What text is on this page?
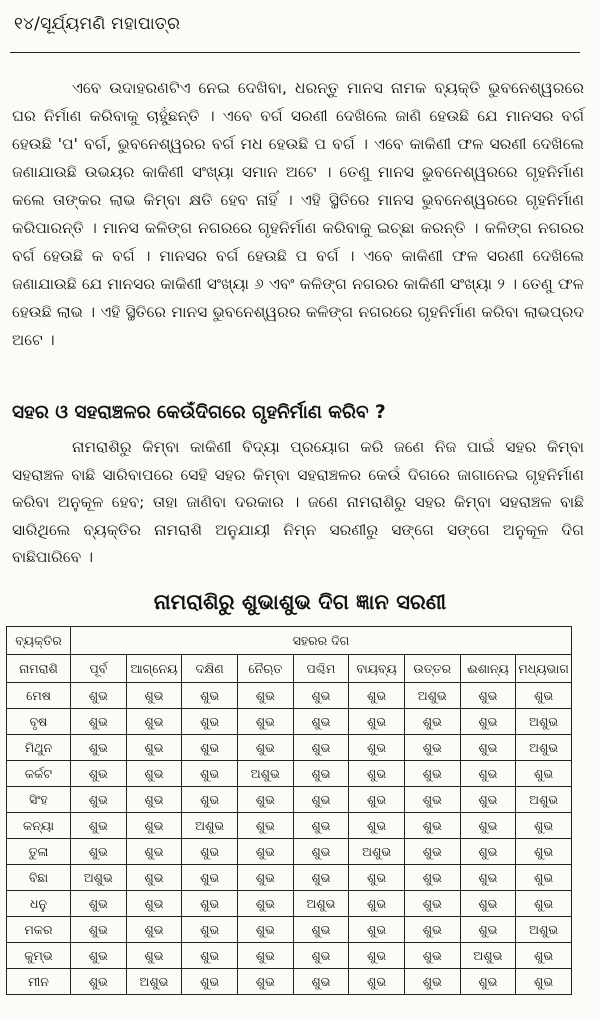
୧୪/ସୂର୍ଯ୍ୟମଣି ମହାପାତ୍ର

ଏବେ ଉଦାହରଣଟିଏ ନେଇ ଦେଖିବା, ଧରନ୍ତୁ ମାନସ ନାମକ ବ୍ୟକ୍ତି ଭୁବନେଶ୍ୱରରେ ଘର ନିର୍ମାଣ କରିବାକୁ ଚାହୁଁଛନ୍ତି । ଏବେ ବର୍ଗ ସରଣୀ ଦେଖିଲେ ଜାଣି ହେଉଛି ଯେ ମାନସର ବର୍ଗ ହେଉଛି 'ପ' ବର୍ଗ, ଭୁବନେଶ୍ୱରର ବର୍ଗ ମଧ ହେଉଛି ପ ବର୍ଗ । ଏବେ କାକିଣୀ ଫଳ ସରଣୀ ଦେଖିଲେ ଜଣାଯାଉଛି ଉଭୟର କାକିଣୀ ସଂଖ୍ୟା ସମାନ ଅଟେ । ତେଣୁ ମାନସ ଭୁବନେଶ୍ୱରରେ ଗୃହନିର୍ମାଣ କଲେ ତାଙ୍କର ଲାଭ କିମ୍ବା କ୍ଷତି ହେବ ନାହିଁ । ଏହି ସ୍ଥିତିରେ ମାନସ ଭୁବନେଶ୍ୱରରେ ଗୃହନିର୍ମାଣ କରିପାରନ୍ତି । ମାନସ କଳିଙ୍ଗ ନଗରରେ ଗୃହନିର୍ମାଣ କରିବାକୁ ଇଚ୍ଛା କରନ୍ତି । କଳିଙ୍ଗ ନଗରର ବର୍ଗ ହେଉଛି କ ବର୍ଗ । ମାନସର ବର୍ଗ ହେଉଛି ପ ବର୍ଗ । ଏବେ କାକିଣୀ ଫଳ ସରଣୀ ଦେଖିଲେ ଜଣାଯାଉଛି ଯେ ମାନସର କାକିଣୀ ସଂଖ୍ୟା ୬ ଏବଂ କଳିଙ୍ଗ ନଗରର କାକିଣୀ ସଂଖ୍ୟା ୨ । ତେଣୁ ଫଳ ହେଉଛି ଲାଭ । ଏହି ସ୍ଥିତିରେ ମାନସ ଭୁବନେଶ୍ୱରର କଳିଙ୍ଗ ନଗରରେ ଗୃହନିର୍ମାଣ କରିବା ଲାଭପ୍ରଦ ଅଟେ ।

ସହର ଓ ସହରାଞ୍ଚଳର କେଉଁଦିଗରେ ଗୃହନିର୍ମାଣ କରିବ ?

ନାମରାଶିରୁ କିମ୍ବା କାକିଣୀ ବିଦ୍ୟା ପ୍ରୟୋଗ କରି ଜଣେ ନିଜ ପାଇଁ ସହର କିମ୍ବା ସହରାଞ୍ଚଳ ବାଛି ସାରିବାପରେ ସେହି ସହର କିମ୍ବା ସହରାଞ୍ଚଳର କେଉଁ ଦିଗରେ ଜାଗାନେଇ ଗୃହନିର୍ମାଣ କରିବା ଅନୁକୂଳ ହେବ; ତାହା ଜାଣିବା ଦରକାର । ଜଣେ ନାମରାଶିରୁ ସହର କିମ୍ବା ସହରାଞ୍ଚଳ ବାଛି ସାରିଥିଲେ ବ୍ୟକ୍ତିର ନାମରାଶି ଅନୁଯାୟୀ ନିମ୍ନ ସରଣୀରୁ ସଙ୍ଗେ ସଙ୍ଗେ ଅନୁକୂଳ ଦିଗ ବାଛିପାରିବେ ।

ନାମରାଶିରୁ ଶୁଭାଶୁଭ ଦିଗ ଜ୍ଞାନ ସରଣୀ
ବ୍ୟକ୍ତିର	ସହରର ଦିଗ								
ନାମରାଶି	ପୂର୍ବ	ଆଗ୍ନେୟ	ଦକ୍ଷିଣ	ନୈଋତ	ପଶ୍ଚିମ	ବାୟବ୍ୟ	ଉତ୍ତର	ଈଶାନ୍ୟ	ମଧ୍ୟଭାଗ
ମେଷ	ଶୁଭ	ଶୁଭ	ଶୁଭ	ଶୁଭ	ଶୁଭ	ଶୁଭ	ଅଶୁଭ	ଶୁଭ	ଶୁଭ
ବୃଷ	ଶୁଭ	ଶୁଭ	ଶୁଭ	ଶୁଭ	ଶୁଭ	ଶୁଭ	ଶୁଭ	ଶୁଭ	ଅଶୁଭ
ମିଥୁନ	ଶୁଭ	ଶୁଭ	ଶୁଭ	ଶୁଭ	ଶୁଭ	ଶୁଭ	ଶୁଭ	ଶୁଭ	ଅଶୁଭ
କର୍କଟ	ଶୁଭ	ଶୁଭ	ଶୁଭ	ଅଶୁଭ	ଶୁଭ	ଶୁଭ	ଶୁଭ	ଶୁଭ	ଶୁଭ
ସିଂହ	ଶୁଭ	ଶୁଭ	ଶୁଭ	ଶୁଭ	ଶୁଭ	ଶୁଭ	ଶୁଭ	ଶୁଭ	ଅଶୁଭ
କନ୍ୟା	ଶୁଭ	ଶୁଭ	ଅଶୁଭ	ଶୁଭ	ଶୁଭ	ଶୁଭ	ଶୁଭ	ଶୁଭ	ଶୁଭ
ତୁଳା	ଶୁଭ	ଶୁଭ	ଶୁଭ	ଶୁଭ	ଶୁଭ	ଅଶୁଭ	ଶୁଭ	ଶୁଭ	ଶୁଭ
ବିଛା	ଅଶୁଭ	ଶୁଭ	ଶୁଭ	ଶୁଭ	ଶୁଭ	ଶୁଭ	ଶୁଭ	ଶୁଭ	ଶୁଭ
ଧନୁ	ଶୁଭ	ଶୁଭ	ଶୁଭ	ଶୁଭ	ଅଶୁଭ	ଶୁଭ	ଶୁଭ	ଶୁଭ	ଶୁଭ
ମକର	ଶୁଭ	ଶୁଭ	ଶୁଭ	ଶୁଭ	ଶୁଭ	ଶୁଭ	ଶୁଭ	ଶୁଭ	ଅଶୁଭ
କୁମ୍ଭ	ଶୁଭ	ଶୁଭ	ଶୁଭ	ଶୁଭ	ଶୁଭ	ଶୁଭ	ଶୁଭ	ଅଶୁଭ	ଶୁଭ
ମୀନ	ଶୁଭ	ଅଶୁଭ	ଶୁଭ	ଶୁଭ	ଶୁଭ	ଶୁଭ	ଶୁଭ	ଶୁଭ	ଶୁଭ
